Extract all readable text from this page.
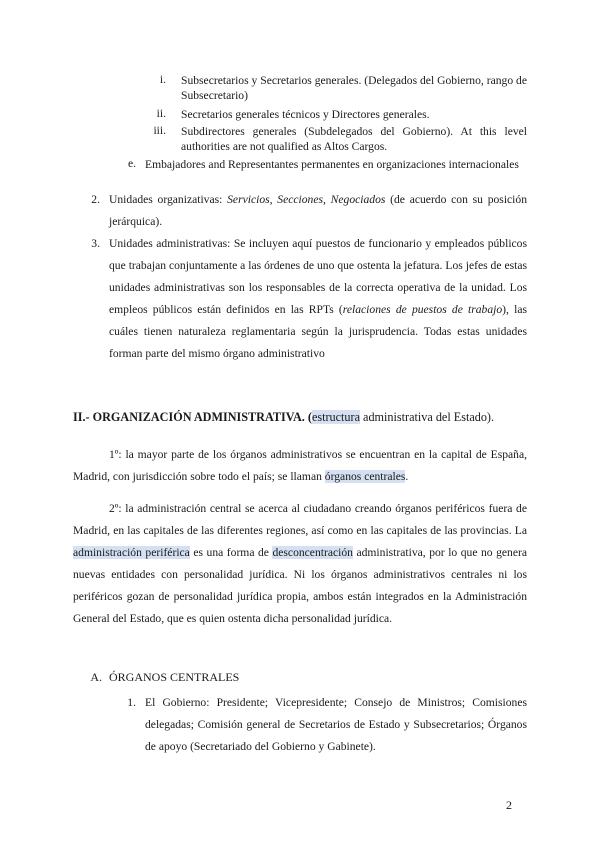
i. Subsecretarios y Secretarios generales. (Delegados del Gobierno, rango de Subsecretario)
ii. Secretarios generales técnicos y Directores generales.
iii. Subdirectores generales (Subdelegados del Gobierno). At this level authorities are not qualified as Altos Cargos.
e. Embajadores and Representantes permanentes en organizaciones internacionales
2. Unidades organizativas: Servicios, Secciones, Negociados (de acuerdo con su posición jerárquica).
3. Unidades administrativas: Se incluyen aquí puestos de funcionario y empleados públicos que trabajan conjuntamente a las órdenes de uno que ostenta la jefatura. Los jefes de estas unidades administrativas son los responsables de la correcta operativa de la unidad. Los empleos públicos están definidos en las RPTs (relaciones de puestos de trabajo), las cuáles tienen naturaleza reglamentaria según la jurisprudencia. Todas estas unidades forman parte del mismo órgano administrativo
II.- ORGANIZACIÓN ADMINISTRATIVA. (estructura administrativa del Estado).
1º: la mayor parte de los órganos administrativos se encuentran en la capital de España, Madrid, con jurisdicción sobre todo el país; se llaman órganos centrales.
2º: la administración central se acerca al ciudadano creando órganos periféricos fuera de Madrid, en las capitales de las diferentes regiones, así como en las capitales de las provincias. La administración periférica es una forma de desconcentración administrativa, por lo que no genera nuevas entidades con personalidad jurídica. Ni los órganos administrativos centrales ni los periféricos gozan de personalidad jurídica propia, ambos están integrados en la Administración General del Estado, que es quien ostenta dicha personalidad jurídica.
A. ÓRGANOS CENTRALES
1. El Gobierno: Presidente; Vicepresidente; Consejo de Ministros; Comisiones delegadas; Comisión general de Secretarios de Estado y Subsecretarios; Órganos de apoyo (Secretariado del Gobierno y Gabinete).
2
